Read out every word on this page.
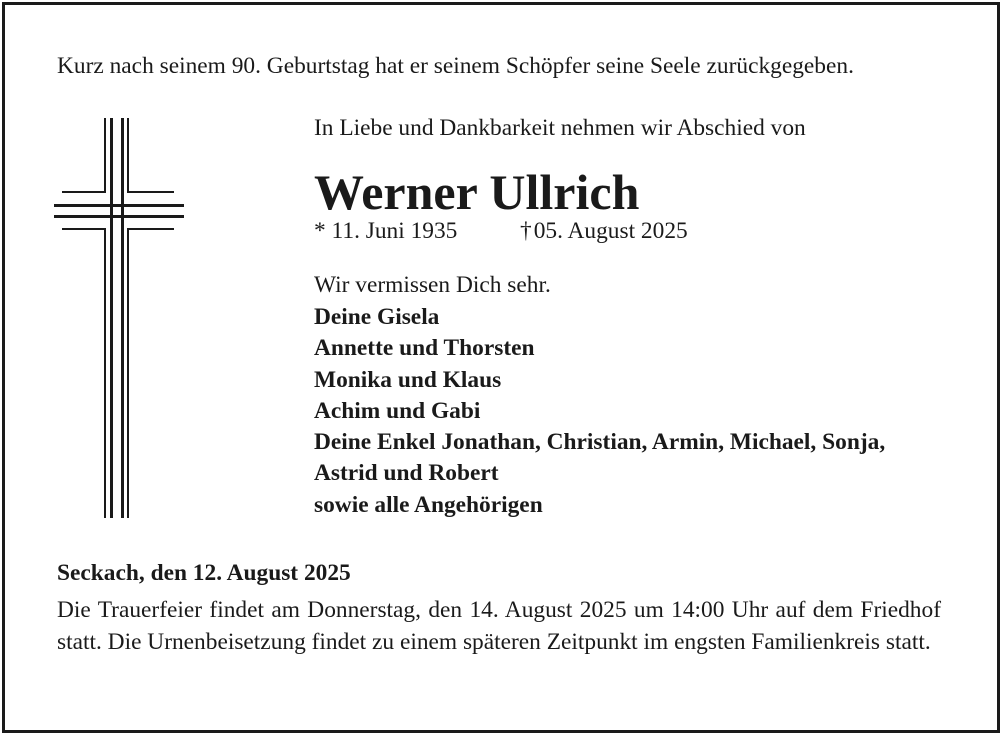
Kurz nach seinem 90. Geburtstag hat er seinem Schöpfer seine Seele zurückgegeben.
In Liebe und Dankbarkeit nehmen wir Abschied von
Werner Ullrich
* 11. Juni 1935	†05. August 2025
Wir vermissen Dich sehr.
Deine Gisela
Annette und Thorsten
Monika und Klaus
Achim und Gabi
Deine Enkel Jonathan, Christian, Armin, Michael, Sonja,
Astrid und Robert
sowie alle Angehörigen
Seckach, den 12. August 2025

Die Trauerfeier findet am Donnerstag, den 14. August 2025 um 14:00 Uhr auf dem Friedhof statt. Die Urnenbeisetzung findet zu einem späteren Zeitpunkt im engsten Familienkreis statt.
